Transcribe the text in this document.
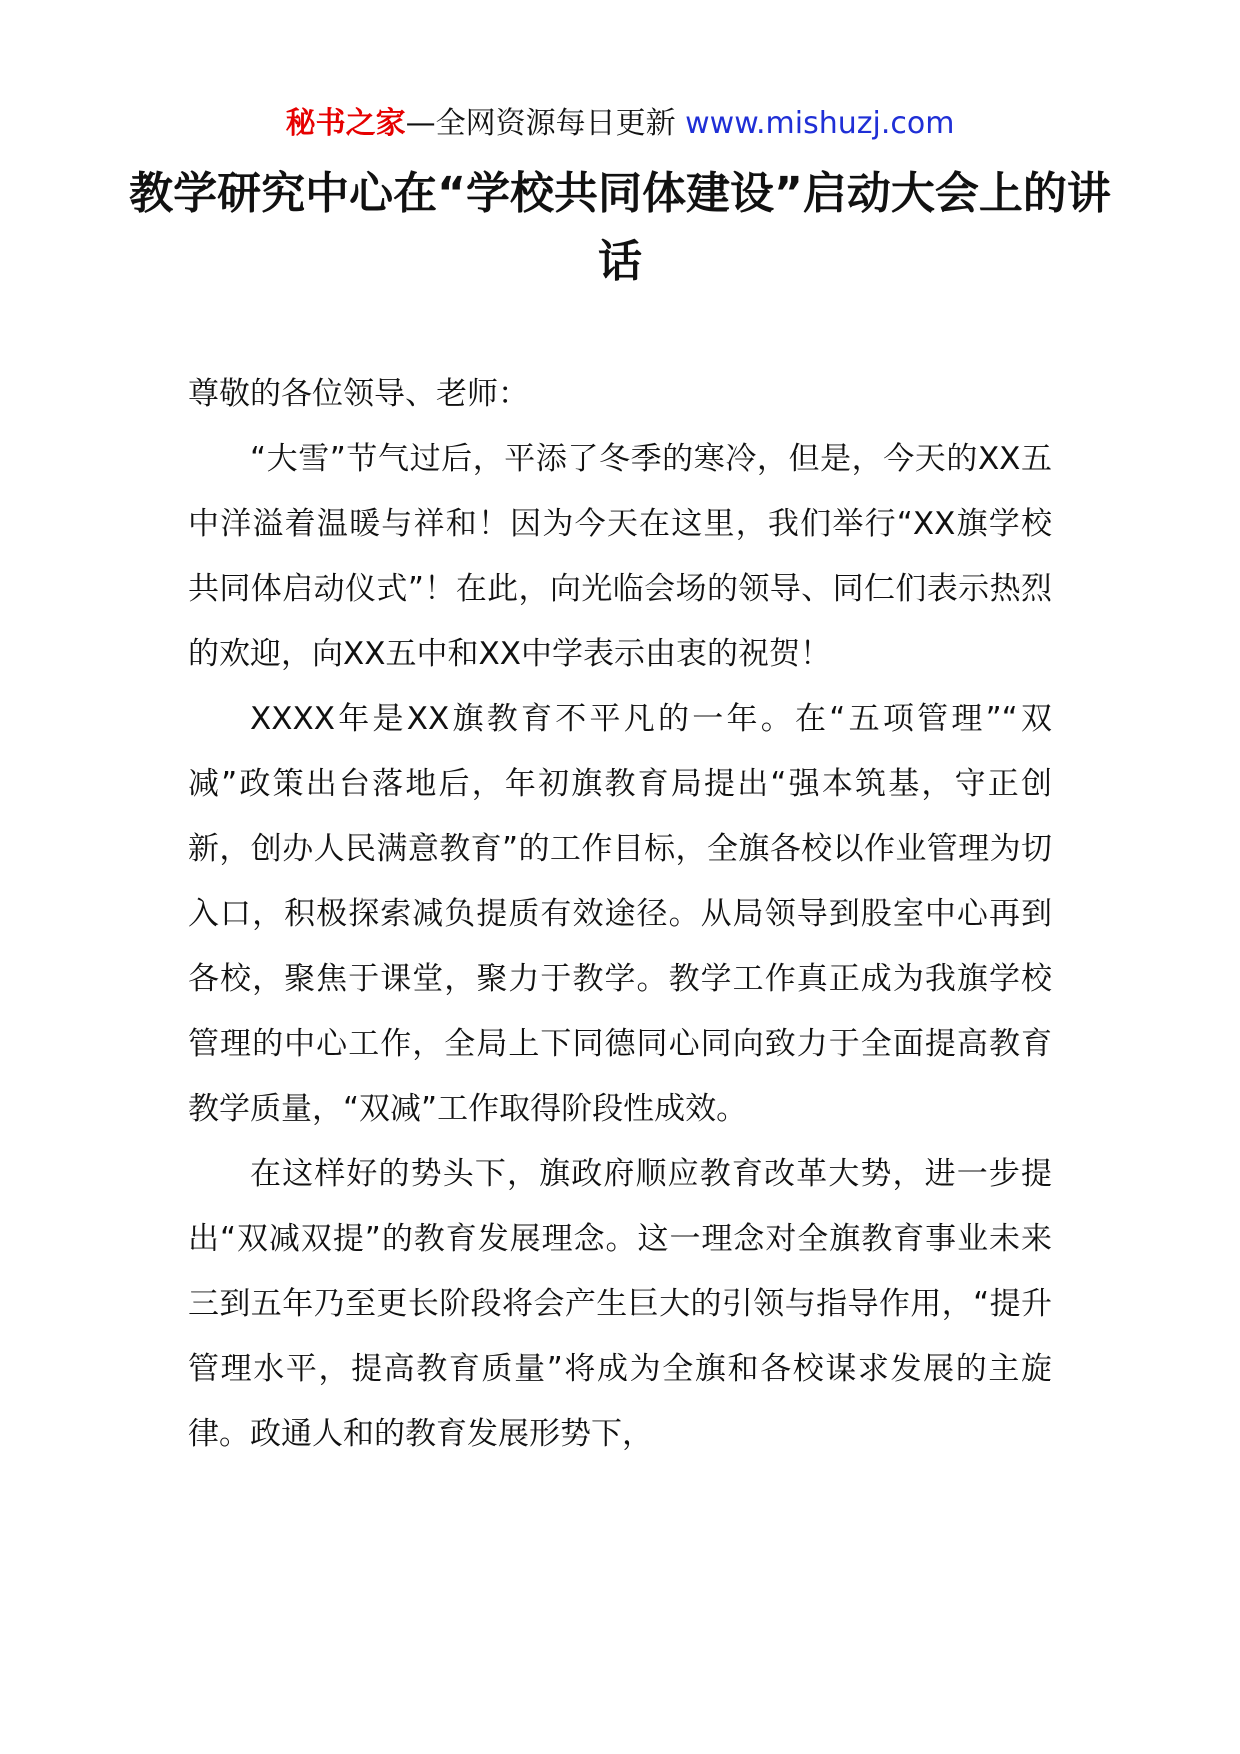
秘书之家—全网资源每日更新 www.mishuzj.com
教学研究中心在“学校共同体建设”启动大会上的讲话

尊敬的各位领导、老师：

“大雪”节气过后，平添了冬季的寒冷，但是，今天的XX五中洋溢着温暖与祥和！因为今天在这里，我们举行“XX旗学校共同体启动仪式”！在此，向光临会场的领导、同仁们表示热烈的欢迎，向XX五中和XX中学表示由衷的祝贺！

XXXX年是XX旗教育不平凡的一年。在“五项管理”“双减”政策出台落地后，年初旗教育局提出“强本筑基，守正创新，创办人民满意教育”的工作目标，全旗各校以作业管理为切入口，积极探索减负提质有效途径。从局领导到股室中心再到各校，聚焦于课堂，聚力于教学。教学工作真正成为我旗学校管理的中心工作，全局上下同德同心同向致力于全面提高教育教学质量，“双减”工作取得阶段性成效。

在这样好的势头下，旗政府顺应教育改革大势，进一步提出“双减双提”的教育发展理念。这一理念对全旗教育事业未来三到五年乃至更长阶段将会产生巨大的引领与指导作用，“提升管理水平，提高教育质量”将成为全旗和各校谋求发展的主旋律。政通人和的教育发展形势下，
